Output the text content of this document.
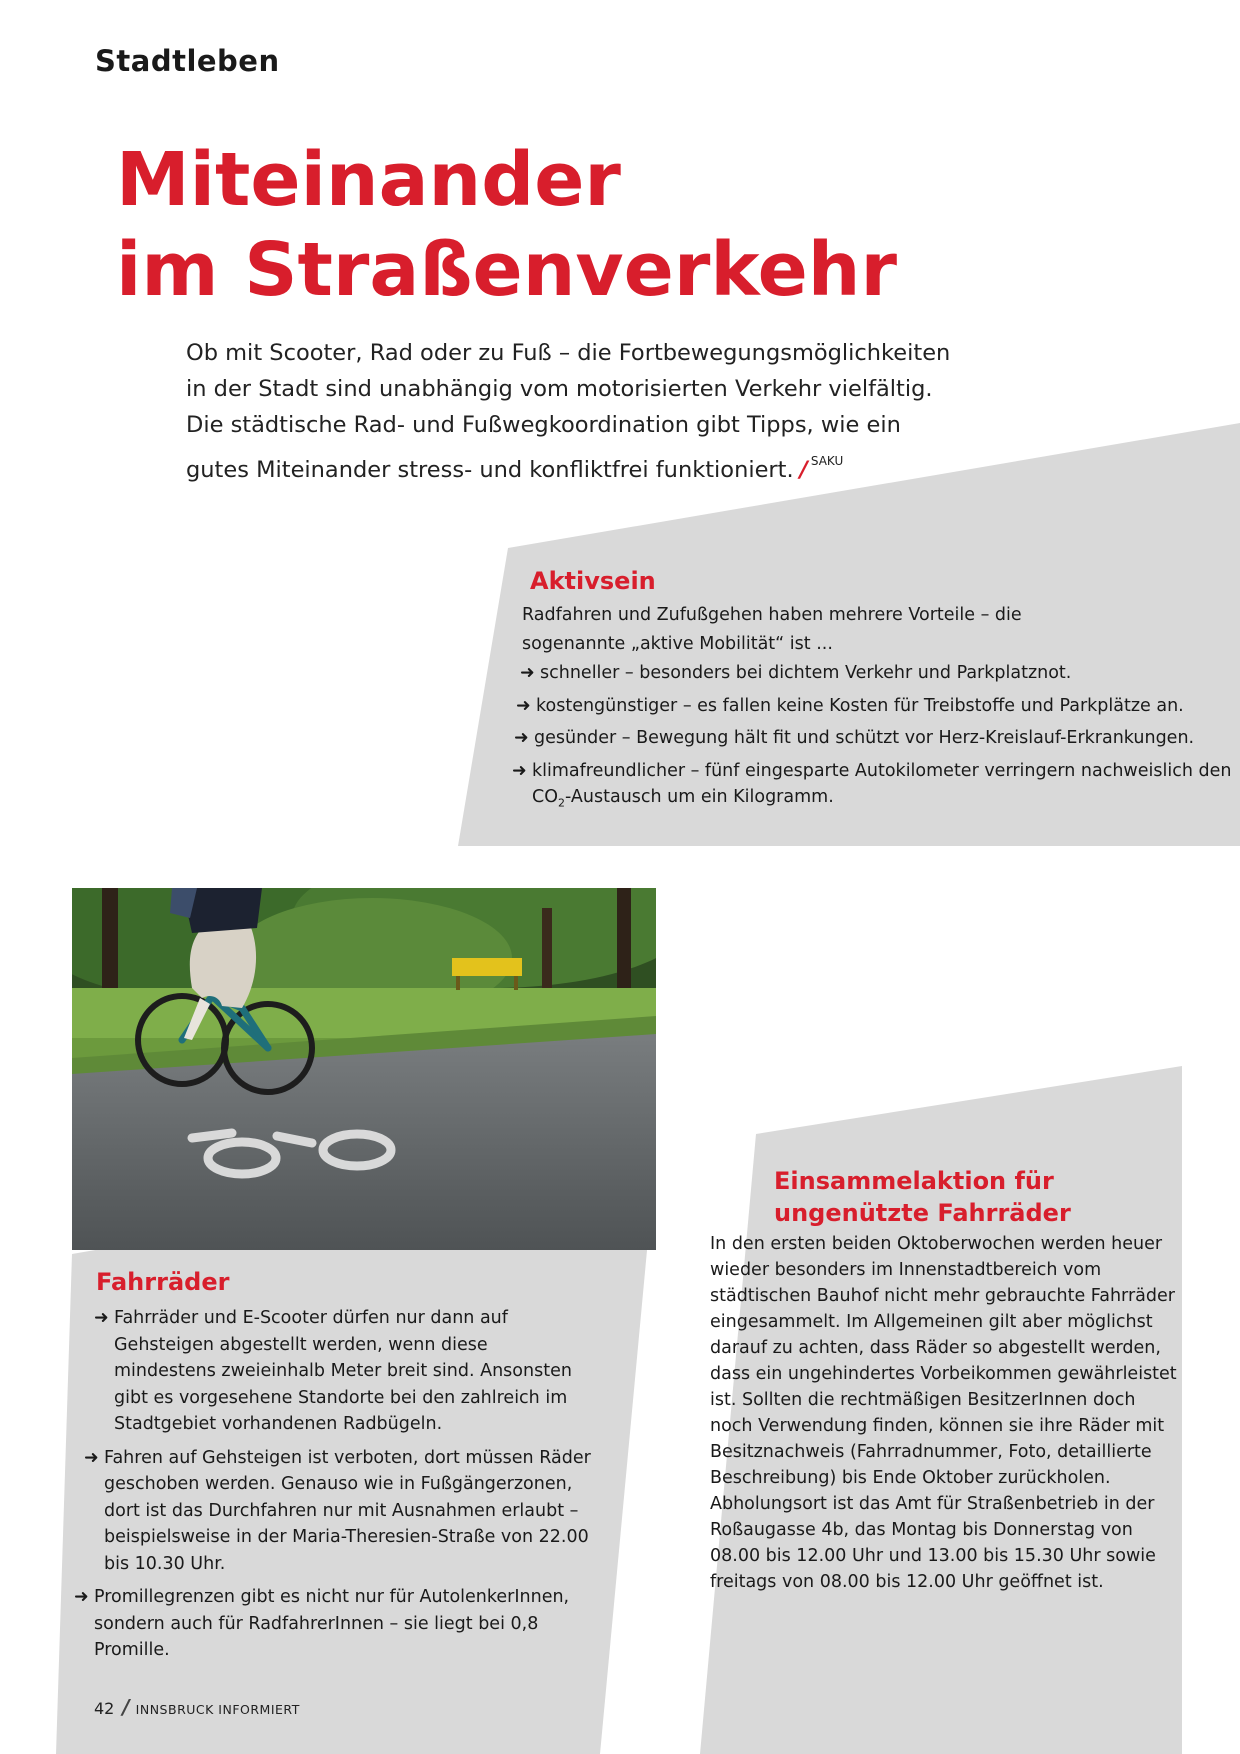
Stadtleben
Miteinander
im Straßenverkehr

Ob mit Scooter, Rad oder zu Fuß – die Fortbewegungsmöglichkeiten in der Stadt sind unabhängig vom motorisierten Verkehr vielfältig. Die städtische Rad- und Fußwegkoordination gibt Tipps, wie ein gutes Miteinander stress- und konfliktfrei funktioniert. / $^{SAKU}$

Aktivsein
Radfahren und Zufußgehen haben mehrere Vorteile – die sogenannte „aktive Mobilität“ ist ...
➜ schneller – besonders bei dichtem Verkehr und Parkplatznot.
➜ kostengünstiger – es fallen keine Kosten für Treibstoffe und Parkplätze an.
➜ gesünder – Bewegung hält fit und schützt vor Herz-Kreislauf-Erkrankungen.
➜ klimafreundlicher – fünf eingesparte Autokilometer verringern nachweislich den $CO_2$-Austausch um ein Kilogramm.
Fahrräder
➜ Fahrräder und E-Scooter dürfen nur dann auf Gehsteigen abgestellt werden, wenn diese mindestens zweieinhalb Meter breit sind. Ansonsten gibt es vorgesehene Standorte bei den zahlreich im Stadtgebiet vorhandenen Radbügeln.
➜ Fahren auf Gehsteigen ist verboten, dort müssen Räder geschoben werden. Genauso wie in Fußgängerzonen, dort ist das Durchfahren nur mit Ausnahmen erlaubt – beispielsweise in der Maria-Theresien-Straße von 22.00 bis 10.30 Uhr.
➜ Promillegrenzen gibt es nicht nur für AutolenkerInnen, sondern auch für RadfahrerInnen – sie liegt bei 0,8 Promille.
Einsammelaktion für
ungenützte Fahrräder
In den ersten beiden Oktoberwochen werden heuer wieder besonders im Innenstadtbereich vom städtischen Bauhof nicht mehr gebrauchte Fahrräder eingesammelt. Im Allgemeinen gilt aber möglichst darauf zu achten, dass Räder so abgestellt werden, dass ein ungehindertes Vorbeikommen gewährleistet ist. Sollten die rechtmäßigen BesitzerInnen doch noch Verwendung finden, können sie ihre Räder mit Besitznachweis (Fahrradnummer, Foto, detaillierte Beschreibung) bis Ende Oktober zurückholen. Abholungsort ist das Amt für Straßenbetrieb in der Roßaugasse 4b, das Montag bis Donnerstag von 08.00 bis 12.00 Uhr und 13.00 bis 15.30 Uhr sowie freitags von 08.00 bis 12.00 Uhr geöffnet ist.
42 / INNSBRUCK INFORMIERT
